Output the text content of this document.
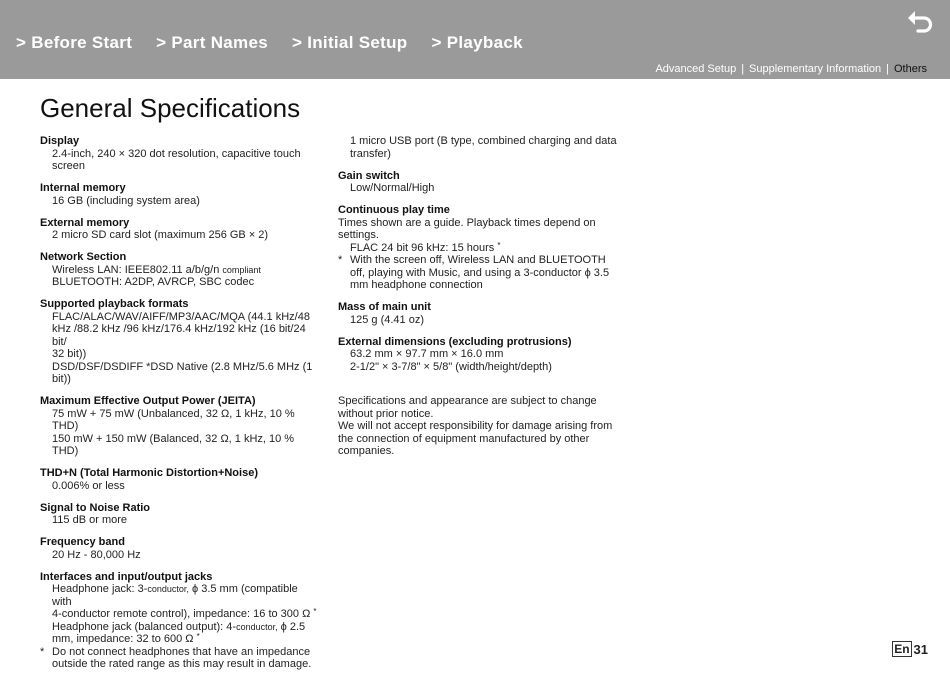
> Before Start > Part Names > Initial Setup > Playback
Advanced Setup | Supplementary Information | Others
General Specifications
Display
2.4-inch, 240 × 320 dot resolution, capacitive touch
screen
Internal memory
16 GB (including system area)
External memory
2 micro SD card slot (maximum 256 GB × 2)
Network Section
Wireless LAN: IEEE802.11 a/b/g/n compliant
BLUETOOTH: A2DP, AVRCP, SBC codec
Supported playback formats
FLAC/ALAC/WAV/AIFF/MP3/AAC/MQA (44.1 kHz/48
kHz /88.2 kHz /96 kHz/176.4 kHz/192 kHz (16 bit/24 bit/
32 bit))
DSD/DSF/DSDIFF *DSD Native (2.8 MHz/5.6 MHz (1
bit))
Maximum Effective Output Power (JEITA)
75 mW + 75 mW (Unbalanced, 32 Ω, 1 kHz, 10 % THD)
150 mW + 150 mW (Balanced, 32 Ω, 1 kHz, 10 % THD)
THD+N (Total Harmonic Distortion+Noise)
0.006% or less
Signal to Noise Ratio
115 dB or more
Frequency band
20 Hz - 80,000 Hz
Interfaces and input/output jacks
Headphone jack: 3-conductor, ϕ 3.5 mm (compatible with
4-conductor remote control), impedance: 16 to 300 Ω *
Headphone jack (balanced output): 4-conductor, ϕ 2.5
mm, impedance: 32 to 600 Ω *
* Do not connect headphones that have an impedance outside the rated range as this may result in damage.
1 micro USB port (B type, combined charging and data
transfer)
Gain switch
Low/Normal/High
Continuous play time
Times shown are a guide. Playback times depend on
settings.
FLAC 24 bit 96 kHz: 15 hours *
* With the screen off, Wireless LAN and BLUETOOTH off, playing with Music, and using a 3-conductor ϕ 3.5 mm headphone connection
Mass of main unit
125 g (4.41 oz)
External dimensions (excluding protrusions)
63.2 mm × 97.7 mm × 16.0 mm
2-1/2" × 3-7/8" × 5/8" (width/height/depth)
Specifications and appearance are subject to change
without prior notice.
We will not accept responsibility for damage arising from
the connection of equipment manufactured by other
companies.
En 31
